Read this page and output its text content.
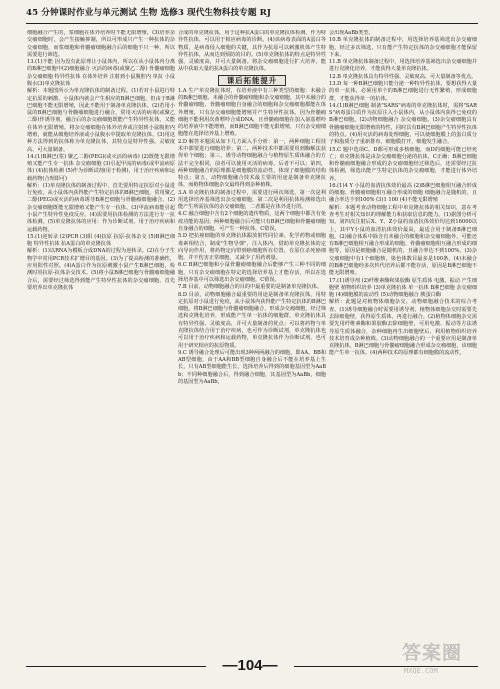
45 分钟课时作业与单元测试 生物 选修3 现代生物科技专题 RJ

细胞融合产生的，浆细胞在体外培养时不能无限增殖。(3)培养杂交瘤细胞时，会产生接触抑制，所以可形成只产生一种抗体的杂交瘤细胞，而浆细胞和骨髓瘤细胞融合后的细胞不只一种，所以需要进行筛选。

13.(1)不能 因为没有此原理让小鼠体内，所以在从小鼠体内分离的B淋巴细胞中(2)细胞融合 灭活的病毒(或聚乙二醇) 骨髓瘤细胞 杂交瘤细胞 特异性抗体 在体外培养 注射到小鼠腹腔内 单抗 小鼠腹水(3)单克隆抗体

解析：本题图所示为单克隆抗体的制备过程。(1)若对小鼠进行特定抗原的刺激，小鼠体内就会产生相应的B淋巴细胞，但由于B淋巴细胞不能无限增殖，因此不能用于制备单克隆抗体。(2)若用小鼠的B淋巴细胞与骨髓瘤细胞进行融合，常用灭活的病毒(或聚乙二醇)作诱导剂，融合后的杂交瘤细胞既能产生特异性抗体，又能在体外无限增殖。将杂交瘤细胞在体外培养或注射到小鼠腹腔内增殖，就能从细胞培养液或小鼠腹水中提取单克隆抗体。(3)用这种方法得到的抗体称为单克隆抗体，其特点是特异性强、灵敏度高、可大量制备。

14.(1)B淋巴(浆) 聚乙二醇(PEG)(或灭活的病毒) (2)既能无限增殖又能产生专一抗体 杂交瘤细胞 (3)引起甲流的病毒(或甲流病原体) (4)抗体检测 (5)作为诊断试剂(用于检测)，用于治疗疾病和运载药物(合理即可)

解析：(1)单克隆抗体的制备过程中，首先要用特定抗原对小鼠进行免疫，从小鼠体内获得能产生特定抗体的B淋巴细胞，常用聚乙二醇(PEG)或灭活的病毒诱导B淋巴细胞与骨髓瘤细胞融合。(2)杂交瘤细胞既能无限增殖又能产生专一抗体。(3)甲流病毒能引起小鼠产生特异性免疫反应。(4)需要用抗体检测的方法进行专一抗体检测。(5)单克隆抗体的应用：作为诊断试剂，用于治疗疾病和运载药物。

15.(1)逆转录 (2)PCR (3)阳 (4)抗原 抗原-抗体杂交 (5)B淋巴细胞 特异性抗体 抗A蛋白的单克隆抗体

解析：(1)以RNA为模板合成DNA的过程为逆转录。(2)在分子生物学中常用PCR技术扩增目的基因。(3)为了提高检测的准确性，应用阳性对照。(4)A蛋白作为抗原刺激小鼠产生B淋巴细胞，检测时用抗原-抗体杂交技术。(5)将小鼠B淋巴细胞与骨髓瘤细胞融合后，需要经过筛选得到能产生特异性抗体的杂交瘤细胞，首先要培养出单克隆抗体

合成的单克隆抗体。用于这种抗A蛋白的单克隆抗体检测，作为特异性抗体，可以用于相应病毒的诊断。(4)该病毒表面的A蛋白等物质，是病毒侵入细胞的关键，其作为抗原可以刺激机体产生特异性抗体，从而达到预防的目的。(5)单克隆抗体的特点是特异性强、灵敏度高，并可大量制备。将杂交瘤细胞进行扩大培养，能从中获取大量的抗A蛋白的单克隆抗体。

课后拓能提升

1.A 生产单克隆抗体时，在培养液中有三种类型的细胞：未融合的B淋巴细胞、未融合的骨髓瘤细胞和杂交瘤细胞，其中未融合的骨髓瘤细胞、骨髓瘤细胞自身融合的细胞和杂交瘤细胞都能在体外增殖，只有杂交瘤细胞能增殖并产生特异性抗体。因为骨髓瘤细胞不能利用次黄嘌呤合成DNA，且骨髓瘤细胞在加入氨基嘌呤的培养液中不能增殖，而B淋巴细胞不能无限增殖，只有杂交瘤细胞能在选择培养基上增殖。

2.D 解答本题需从如下几方面入手分析：第一，两种细胞工程技术中都要进行细胞培养；第二，两种技术中都需要用到酶解法获得单个细胞；第三，诱导动物细胞融合与植物原生质体融合的方法不完全相同，前者可以使用灭活的病毒，后者不可以；第四，两种细胞融合的原理都是细胞膜的流动性，体现了细胞膜的结构特点；第五，动物细胞融合技术最主要的用途是制备单克隆抗体，而植物体细胞杂交最终得到杂种植株。

3.A 单克隆抗体的制备过程中，需要进行两次筛选，第一次是利用选择培养基筛选出杂交瘤细胞，第二次是利用抗体检测筛选出能产生所需抗体的杂交瘤细胞，二者都是在体外进行的。

4.C 融合细胞中含有2个细胞的遗传物质，这两个细胞中都含有免疫功能的基因；两种细胞融合后可能只有B淋巴细胞和骨髓瘤细胞自身融合的细胞，可产生一种抗体，C错误。

5.D 把抗癌细胞的单克隆抗体跟放射性同位素、化学药物或细胞毒素相结合，制成"生物导弹"，注入体内，借助单克隆抗体的定向导向作用，将药物定向带到癌细胞所在位置，在原位杀死癌细胞，并不伤害正常细胞，又减少了用药剂量。

6.C B淋巴细胞和小鼠骨髓瘤细胞融合后能够产生三种不同的细胞，只有杂交瘤细胞在特定的选择培养基上才能存活，所以在选择培养基中可以筛选出杂交瘤细胞，C错误。

7.B 目前，动物细胞融合的目的中最重要的是制备单克隆抗体。

8.D 目前，动物细胞融合最重要的用途是制备单克隆抗体，用特定抗原对小鼠进行免疫，从小鼠体内获得能产生特定抗体的B淋巴细胞，将B淋巴细胞与骨髓瘤细胞融合，形成杂交瘤细胞，经过筛选和克隆化培养，形成能产生单一抗体的细胞群，单克隆抗体具有特异性强、灵敏度高，并可大量制备的优点；可以将药物与单克隆抗体结合用于治疗疾病，也可作为诊断试剂，单克隆抗体也可以用于治疗疾病和运载药物，单克隆抗体作为诊断试剂，也可用于研究相应的抗原物质。

9.C 诱导融合处理后可能出现3种两两融合的细胞，即AA、BB和AB型细胞，由于AA和BB型细胞自身融合后不能在培养基上生长，只有AB型细胞能生长，选择培养后得到的细胞基因型为AaBb；不同种细胞融合后，得到融合细胞，其基因型为AaBb，细胞的基因型为AaBb，

会出现AaBb类型。

10.B 单克隆抗体的制备过程中，用选择培养基筛选出杂交瘤细胞，经过多次筛选，只有能产生特定抗体的杂交瘤细胞才能保留下来。

11.B 单克隆抗体制备过程中，用选择培养基筛选出杂交瘤细胞并进行克隆化培养，才能获得大量单克隆抗体。

12.B 单克隆抗体具有特异性强、灵敏度高、可大量制备等优点。

13.D 每一种B淋巴细胞只能分泌一种特异性抗体，要想获得大量的单一抗体，必须用单个的B淋巴细胞进行无性繁殖，形成细胞群，才能获得单一的抗体。

14.(1)B淋巴细胞 制备"SARS"病毒的单克隆抗体时，需将"SARS"病毒蛋白质作为抗原注入小鼠体内，从小鼠体内获得已免疫的B淋巴细胞。(2)动物细胞融合 杂交瘤细胞。(3)杂交瘤细胞具有骨髓瘤细胞无限增殖的特性，同时具有B淋巴细胞产生特异性抗体的特点。(4)用灭活的病毒处理细胞，可以使细胞膜上的蛋白质分子和脂质分子重新排布，细胞膜打开，细胞发生融合。

15.C 题中选项C、D都可形成多核细胞，而D的细胞可能已经死亡；单克隆抗体是由杂交瘤细胞分泌的抗体，C正确；B淋巴细胞和骨髓瘤细胞融合形成的杂交瘤细胞经过筛选后，还需要经过抗体检测，筛选出能产生特定抗体的杂交瘤细胞，才能进行体外培养。

16.(1)4 Y 小鼠的血清抗体效价最高 (2)B淋巴细胞相互融合形成的细胞、骨髓瘤细胞相互融合形成的细胞 细胞融合是随机的，且融合率达不到100% (3)1 100 (4)不能无限增殖

解析：本题考查动物细胞工程中单克隆抗体的相关知识，意在考查考生对相关知识的理解能力和获取信息的能力。(1)据图分析可知，第四次注射后X、Y、Z小鼠的血清抗体效价均达到16000以上，其中Y小鼠的血清抗体效价最高，最适合用于制备B淋巴细胞。(2)融合体系中除含有未融合的细胞和杂交瘤细胞外，可能还有B淋巴细胞相互融合形成的细胞、骨髓瘤细胞相互融合形成的细胞等，原因是细胞融合是随机的，且融合率达不到100%。(3)杂交瘤细胞中有1个细胞核，染色体数目最多是100条。(4)未融合的B淋巴细胞经多次传代培养后都不能存活，原因是B淋巴细胞不能无限增殖。

17.(1)诱导剂 (2)纤维素酶和果胶酶 原生质体 电激、振动 产生细胞壁 植物组织培养 (3)单克隆抗体 单一抗体 B淋巴细胞 杂交瘤细胞 (4)细胞膜的流动性 (5)动物细胞融合 胰蛋白酶

解析：此题是对植物体细胞杂交、动物细胞融合技术的综合考查。(1)诱导细胞融合时需要用诱导剂，植物体细胞杂交时需要先去除细胞壁，获得原生质体，再进行融合。(2)植物体细胞杂交需要先用纤维素酶和果胶酶去除细胞壁，可用电激、振动等方法诱导原生质体融合，杂种细胞再生出细胞壁后，利用植物组织培养技术培育成杂种植株。(3)动物细胞融合的一个重要应用是制备单克隆抗体，B淋巴细胞与骨髓瘤细胞融合形成杂交瘤细胞，该细胞能产生单一抗体。(4)两种技术的原理都有细胞膜的流动性。

—104—
答案圈
MXQE.COM
